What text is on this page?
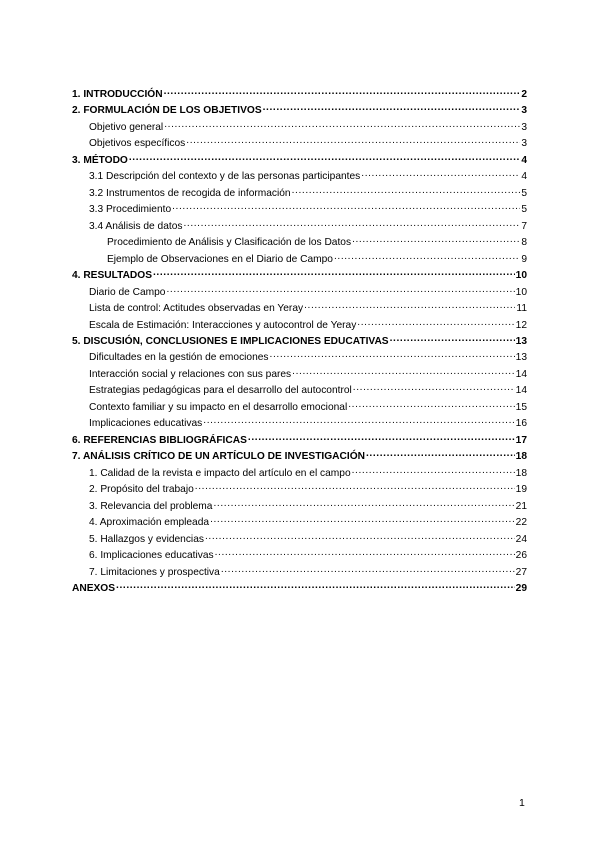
1. INTRODUCCIÓN .....	2
2. FORMULACIÓN DE LOS OBJETIVOS .....	3
Objetivo general .....	3
Objetivos específicos .....	3
3. MÉTODO .....	4
3.1 Descripción del contexto y de las personas participantes .....	4
3.2 Instrumentos de recogida de información .....	5
3.3 Procedimiento .....	5
3.4 Análisis de datos .....	7
Procedimiento de Análisis y Clasificación de los Datos .....	8
Ejemplo de Observaciones en el Diario de Campo .....	9
4. RESULTADOS .....	10
Diario de Campo .....	10
Lista de control: Actitudes observadas en Yeray .....	11
Escala de Estimación: Interacciones y autocontrol de Yeray .....	12
5. DISCUSIÓN, CONCLUSIONES E IMPLICACIONES EDUCATIVAS .....	13
Dificultades en la gestión de emociones .....	13
Interacción social y relaciones con sus pares .....	14
Estrategias pedagógicas para el desarrollo del autocontrol .....	14
Contexto familiar y su impacto en el desarrollo emocional .....	15
Implicaciones educativas .....	16
6. REFERENCIAS BIBLIOGRÁFICAS .....	17
7. ANÁLISIS CRÍTICO DE UN ARTÍCULO DE INVESTIGACIÓN .....	18
1. Calidad de la revista e impacto del artículo en el campo .....	18
2. Propósito del trabajo .....	19
3. Relevancia del problema .....	21
4. Aproximación empleada .....	22
5. Hallazgos y evidencias .....	24
6. Implicaciones educativas .....	26
7. Limitaciones y prospectiva .....	27
ANEXOS .....	29
1
